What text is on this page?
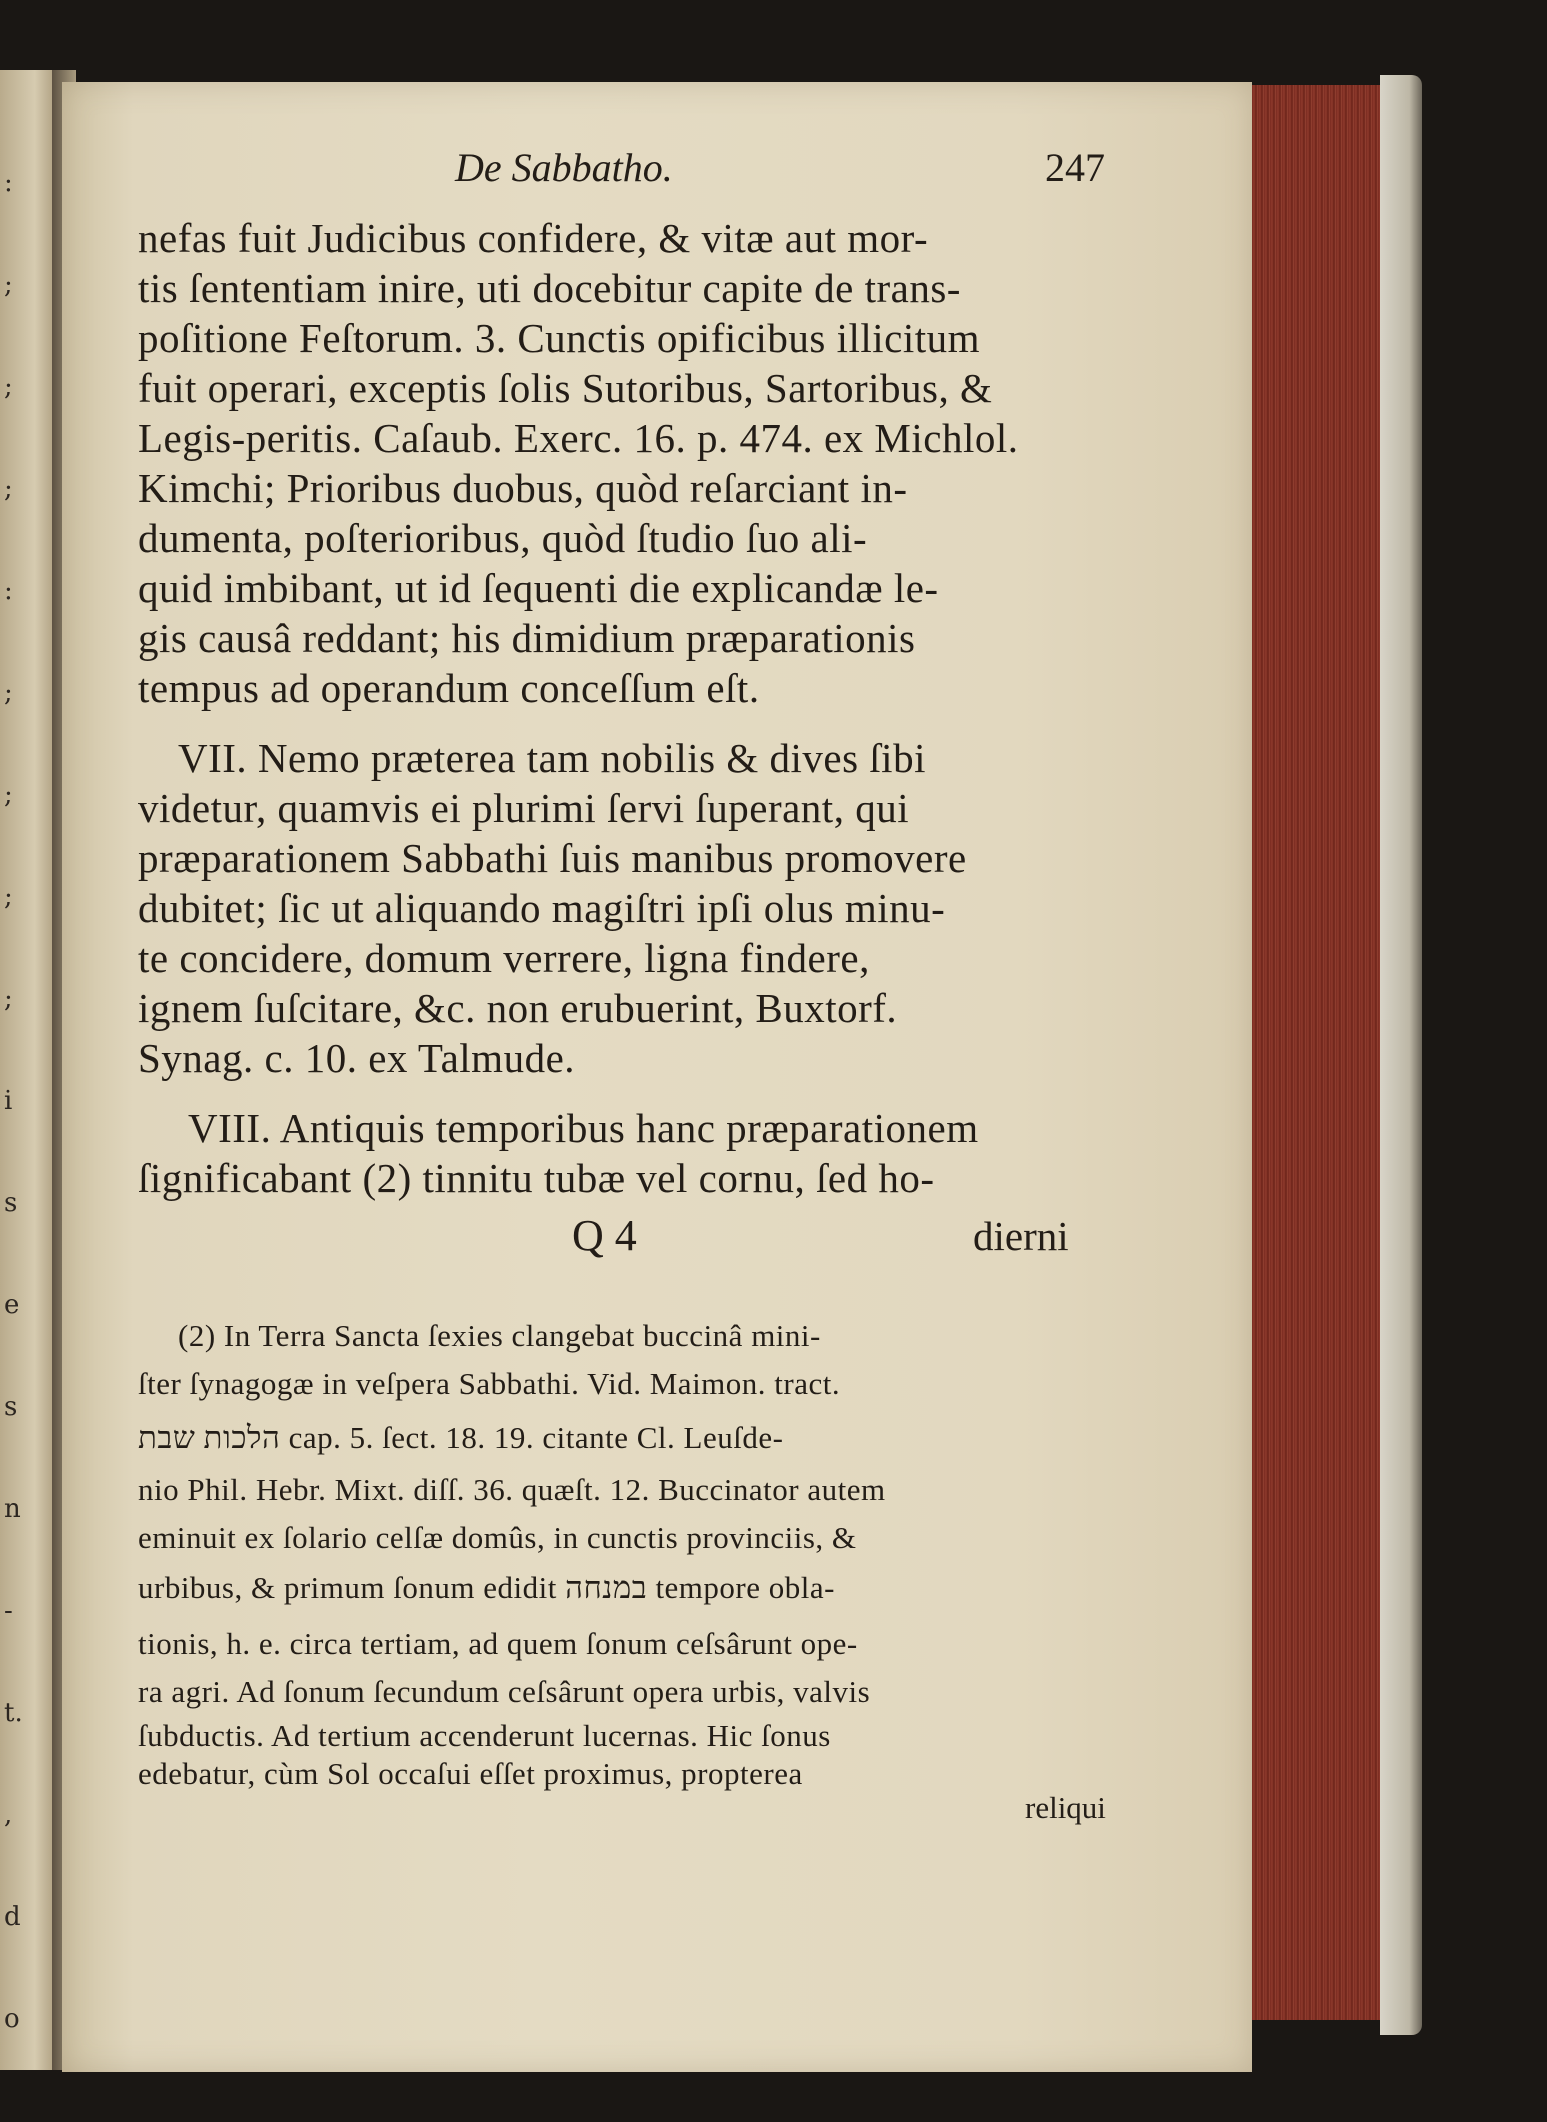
:
;
;
;
:
;
;
;
;
i
s
e
s
n
-
t.
,
d
o
De Sabbatho.	247
nefas fuit Judicibus confidere, & vitæ aut mor-
tis ſententiam inire, uti docebitur capite de trans-
poſitione Feſtorum. 3. Cunctis opificibus illicitum
fuit operari, exceptis ſolis Sutoribus, Sartoribus, &
Legis-peritis. Caſaub. Exerc. 16. p. 474. ex Michlol.
Kimchi; Prioribus duobus, quòd reſarciant in-
dumenta, poſterioribus, quòd ſtudio ſuo ali-
quid imbibant, ut id ſequenti die explicandæ le-
gis causâ reddant; his dimidium præparationis
tempus ad operandum conceſſum eſt.
VII. Nemo præterea tam nobilis & dives ſibi
videtur, quamvis ei plurimi ſervi ſuperant, qui
præparationem Sabbathi ſuis manibus promovere
dubitet; ſic ut aliquando magiſtri ipſi olus minu-
te concidere, domum verrere, ligna findere,
ignem ſuſcitare, &c. non erubuerint, Buxtorf.
Synag. c. 10. ex Talmude.
VIII. Antiquis temporibus hanc præparationem
ſignificabant (2) tinnitu tubæ vel cornu, ſed ho-
Q 4	dierni
(2) In Terra Sancta ſexies clangebat buccinâ mini-
ſter ſynagogæ in veſpera Sabbathi. Vid. Maimon. tract.
הלכות שבת cap. 5. ſect. 18. 19. citante Cl. Leuſde-
nio Phil. Hebr. Mixt. diſſ. 36. quæſt. 12. Buccinator autem
eminuit ex ſolario celſæ domûs, in cunctis provinciis, &
urbibus, & primum ſonum edidit במנחה tempore obla-
tionis, h. e. circa tertiam, ad quem ſonum ceſsârunt ope-
ra agri. Ad ſonum ſecundum ceſsârunt opera urbis, valvis
ſubductis. Ad tertium accenderunt lucernas. Hic ſonus
edebatur, cùm Sol occaſui eſſet proximus, propterea
reliqui
